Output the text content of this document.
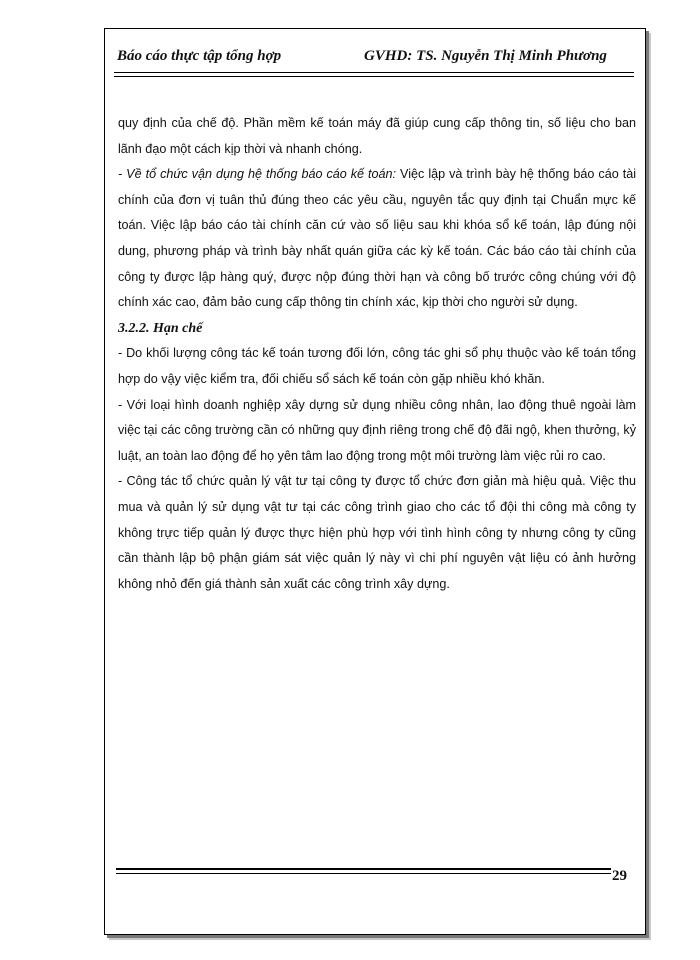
Báo cáo thực tập tổng hợp	GVHD: TS. Nguyễn Thị Minh Phương

quy định của chế độ. Phần mềm kế toán máy đã giúp cung cấp thông tin, số liệu cho ban lãnh đạo một cách kịp thời và nhanh chóng.

- Về tổ chức vận dụng hệ thống báo cáo kế toán: Việc lập và trình bày hệ thống báo cáo tài chính của đơn vị tuân thủ đúng theo các yêu cầu, nguyên tắc quy định tại Chuẩn mực kế toán. Việc lập báo cáo tài chính căn cứ vào số liệu sau khi khóa sổ kế toán, lập đúng nội dung, phương pháp và trình bày nhất quán giữa các kỳ kế toán. Các báo cáo tài chính của công ty được lập hàng quý, được nộp đúng thời hạn và công bố trước công chúng với độ chính xác cao, đảm bảo cung cấp thông tin chính xác, kịp thời cho người sử dụng.

3.2.2. Hạn chế

- Do khối lượng công tác kế toán tương đối lớn, công tác ghi sổ phụ thuộc vào kế toán tổng hợp do vậy việc kiểm tra, đối chiếu sổ sách kế toán còn gặp nhiều khó khăn.

- Với loại hình doanh nghiệp xây dựng sử dụng nhiều công nhân, lao động thuê ngoài làm việc tại các công trường cần có những quy định riêng trong chế độ đãi ngộ, khen thưởng, kỷ luật, an toàn lao động để họ yên tâm lao động trong một môi trường làm việc rủi ro cao.

- Công tác tổ chức quản lý vật tư tại công ty được tổ chức đơn giản mà hiệu quả. Việc thu mua và quản lý sử dụng vật tư tại các công trình giao cho các tổ đội thi công mà công ty không trực tiếp quản lý được thực hiện phù hợp với tình hình công ty nhưng công ty cũng cần thành lập bộ phận giám sát việc quản lý này vì chi phí nguyên vật liệu có ảnh hưởng không nhỏ đến giá thành sản xuất các công trình xây dựng.

29
